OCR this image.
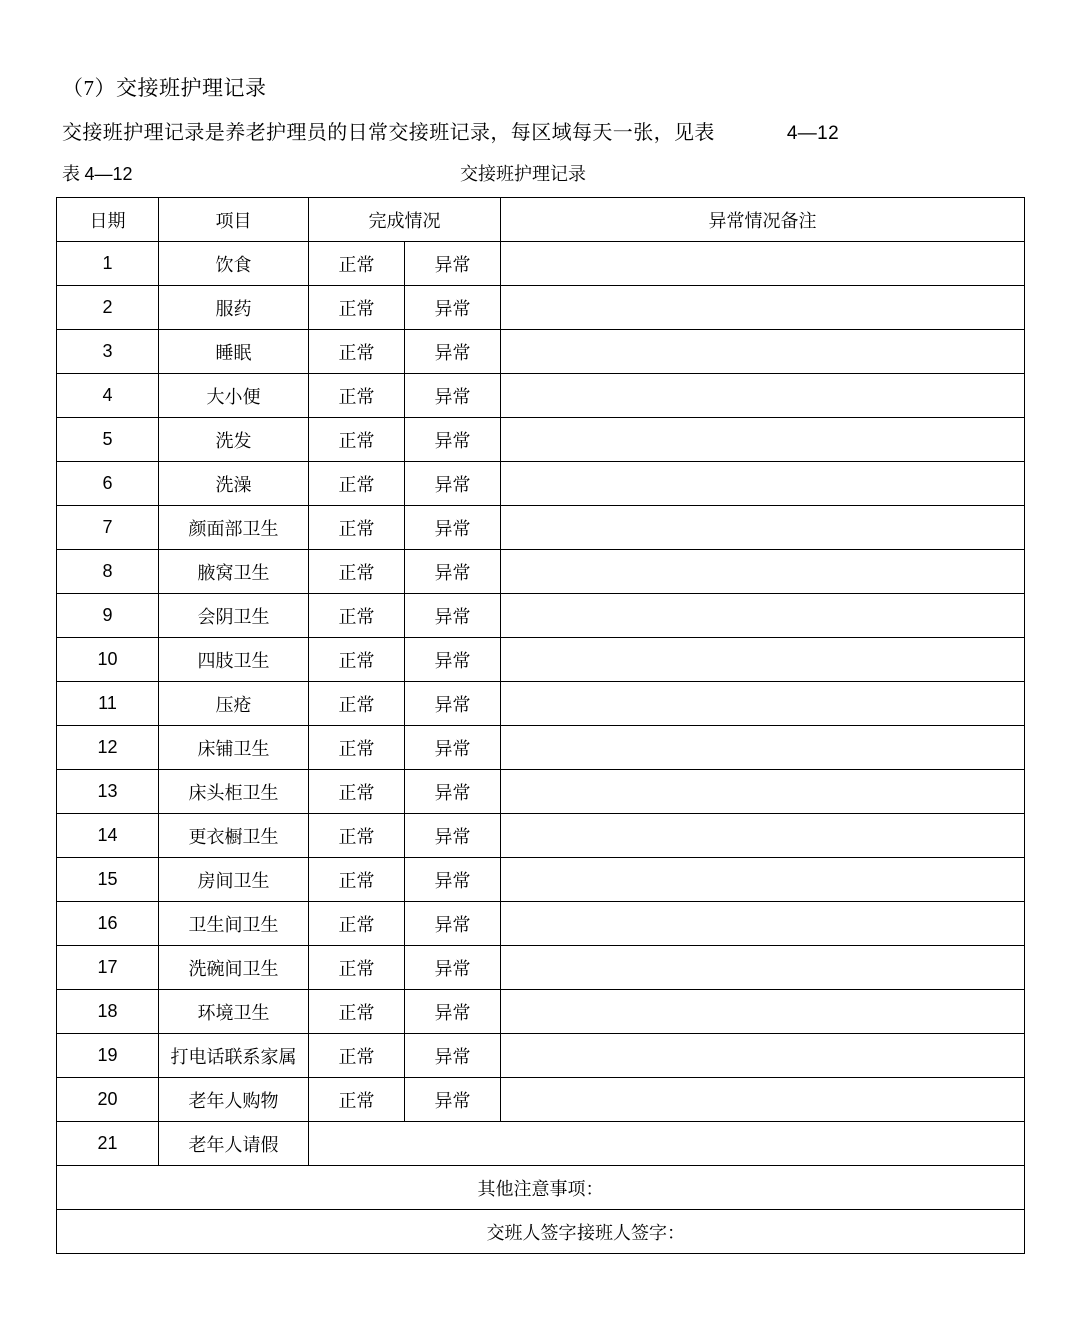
（7）交接班护理记录
交接班护理记录是养老护理员的日常交接班记录，每区域每天一张，见表	4—12
表 4—12	交接班护理记录
日期	项目	完成情况		异常情况备注
1	饮食	正常	异常	
2	服药	正常	异常	
3	睡眠	正常	异常	
4	大小便	正常	异常	
5	洗发	正常	异常	
6	洗澡	正常	异常	
7	颜面部卫生	正常	异常	
8	腋窝卫生	正常	异常	
9	会阴卫生	正常	异常	
10	四肢卫生	正常	异常	
11	压疮	正常	异常	
12	床铺卫生	正常	异常	
13	床头柜卫生	正常	异常	
14	更衣橱卫生	正常	异常	
15	房间卫生	正常	异常	
16	卫生间卫生	正常	异常	
17	洗碗间卫生	正常	异常	
18	环境卫生	正常	异常	
19	打电话联系家属	正常	异常	
20	老年人购物	正常	异常	
21	老年人请假			
其他注意事项：				

交班人签字：
接班人签字：				
